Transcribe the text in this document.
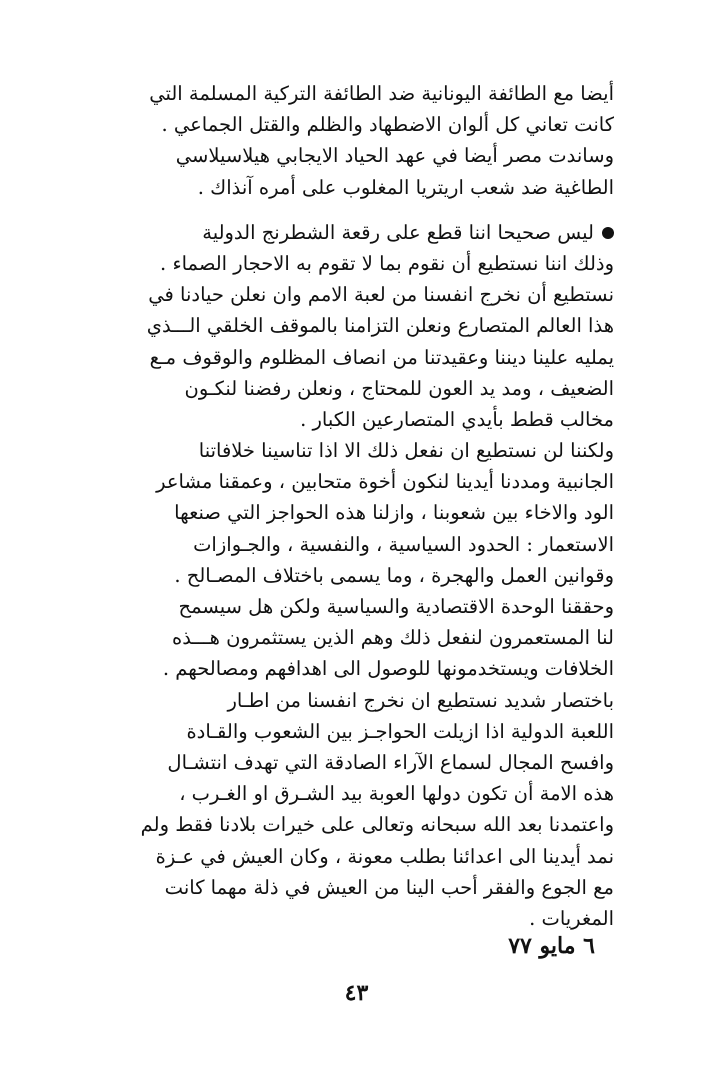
أيضا مع الطائفة اليونانية ضد الطائفة التركية المسلمة التي
كانت تعاني كل ألوان الاضطهاد والظلم والقتل الجماعي .
وساندت مصر أيضا في عهد الحياد الايجابي هيلاسيلاسي
الطاغية ضد شعب اريتريا المغلوب على أمره آنذاك .
ليس صحيحا اننا قطع على رقعة الشطرنج الدولية
وذلك اننا نستطيع أن نقوم بما لا تقوم به الاحجار الصماء .
نستطيع أن نخرج انفسنا من لعبة الامم وان نعلن حيادنا في
هذا العالم المتصارع ونعلن التزامنا بالموقف الخلقي الـــذي
يمليه علينا ديننا وعقيدتنا من انصاف المظلوم والوقوف مـع
الضعيف ، ومد يد العون للمحتاج ، ونعلن رفضنا لنكـون
مخالب قطط بأيدي المتصارعين الكبار .
ولكننا لن نستطيع ان نفعل ذلك الا اذا تناسينا خلافاتنا
الجانبية ومددنا أيدينا لنكون أخوة متحابين ، وعمقنا مشاعر
الود والاخاء بين شعوبنا ، وازلنا هذه الحواجز التي صنعها
الاستعمار : الحدود السياسية ، والنفسية ، والجـوازات
وقوانين العمل والهجرة ، وما يسمى باختلاف المصـالح .
وحققنا الوحدة الاقتصادية والسياسية ولكن هل سيسمح
لنا المستعمرون لنفعل ذلك وهم الذين يستثمرون هـــذه
الخلافات ويستخدمونها للوصول الى اهدافهم ومصالحهم .
باختصار شديد نستطيع ان نخرج انفسنا من اطـار
اللعبة الدولية اذا ازيلت الحواجـز بين الشعوب والقـادة
وافسح المجال لسماع الآراء الصادقة التي تهدف انتشـال
هذه الامة أن تكون دولها العوبة بيد الشـرق او الغـرب ،
واعتمدنا بعد الله سبحانه وتعالى على خيرات بلادنا فقط ولم
نمد أيدينا الى اعدائنا بطلب معونة ، وكان العيش في عـزة
مع الجوع والفقر أحب الينا من العيش في ذلة مهما كانت
المغريات .
٦ مايو ٧٧
٤٣
